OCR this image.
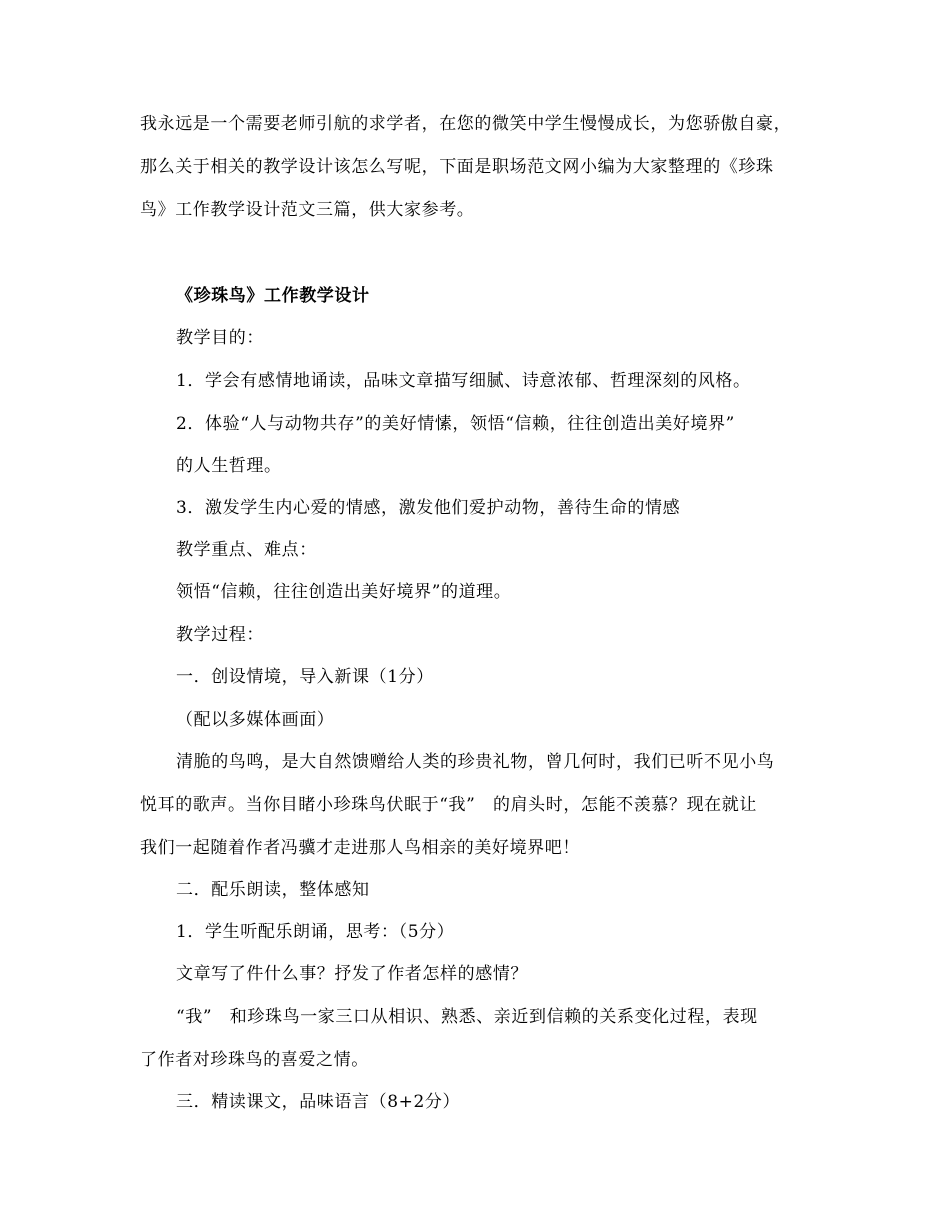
我永远是一个需要老师引航的求学者，在您的微笑中学生慢慢成长，为您骄傲自豪，

那么关于相关的教学设计该怎么写呢，下面是职场范文网小编为大家整理的《珍珠

鸟》工作教学设计范文三篇，供大家参考。

《珍珠鸟》工作教学设计

教学目的：

1．学会有感情地诵读，品味文章描写细腻、诗意浓郁、哲理深刻的风格。

2．体验“人与动物共存”的美好情愫，领悟“信赖，往往创造出美好境界”

的人生哲理。

3．激发学生内心爱的情感，激发他们爱护动物，善待生命的情感

教学重点、难点：

领悟“信赖，往往创造出美好境界”的道理。

教学过程：

一．创设情境，导入新课（1分）

（配以多媒体画面）

清脆的鸟鸣，是大自然馈赠给人类的珍贵礼物，曾几何时，我们已听不见小鸟

悦耳的歌声。当你目睹小珍珠鸟伏眠于“我”　的肩头时，怎能不羡慕？现在就让

我们一起随着作者冯骥才走进那人鸟相亲的美好境界吧！

二．配乐朗读，整体感知

1．学生听配乐朗诵，思考：（5分）

文章写了件什么事？抒发了作者怎样的感情？

“我”　和珍珠鸟一家三口从相识、熟悉、亲近到信赖的关系变化过程，表现

了作者对珍珠鸟的喜爱之情。

三．精读课文，品味语言（8+2分）
